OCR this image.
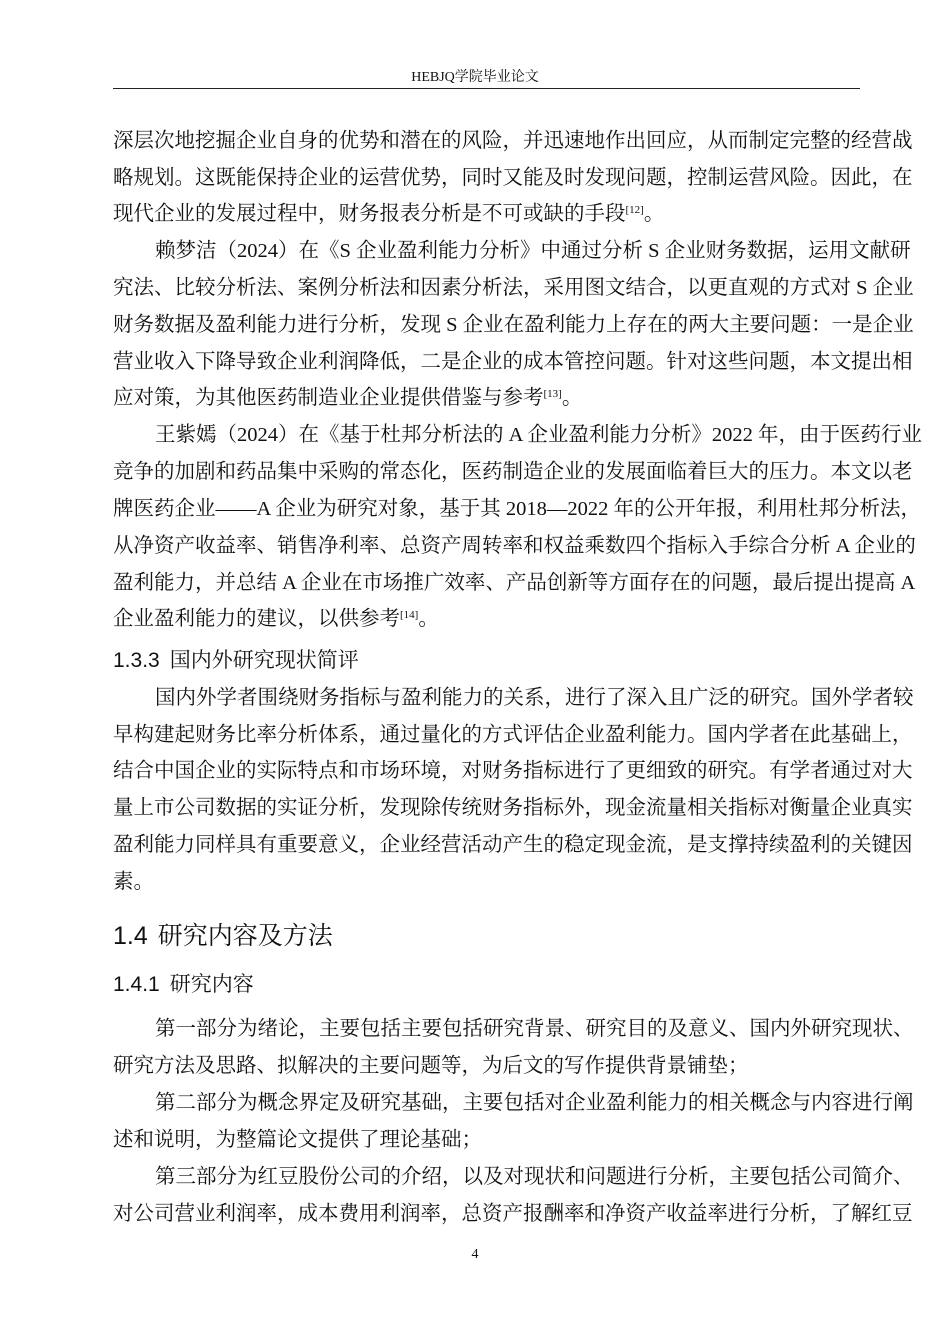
HEBJQ学院毕业论文
深层次地挖掘企业自身的优势和潜在的风险，并迅速地作出回应，从而制定完整的经营战
略规划。这既能保持企业的运营优势，同时又能及时发现问题，控制运营风险。因此，在
现代企业的发展过程中，财务报表分析是不可或缺的手段[12]。
赖梦洁（2024）在《S 企业盈利能力分析》中通过分析 S 企业财务数据，运用文献研
究法、比较分析法、案例分析法和因素分析法，采用图文结合，以更直观的方式对 S 企业
财务数据及盈利能力进行分析，发现 S 企业在盈利能力上存在的两大主要问题：一是企业
营业收入下降导致企业利润降低，二是企业的成本管控问题。针对这些问题，本文提出相
应对策，为其他医药制造业企业提供借鉴与参考[13]。
王紫嫣（2024）在《基于杜邦分析法的 A 企业盈利能力分析》2022 年，由于医药行业
竞争的加剧和药品集中采购的常态化，医药制造企业的发展面临着巨大的压力。本文以老
牌医药企业——A 企业为研究对象，基于其 2018—2022 年的公开年报，利用杜邦分析法，
从净资产收益率、销售净利率、总资产周转率和权益乘数四个指标入手综合分析 A 企业的
盈利能力，并总结 A 企业在市场推广效率、产品创新等方面存在的问题，最后提出提高 A
企业盈利能力的建议，以供参考[14]。
1.3.3 国内外研究现状简评
国内外学者围绕财务指标与盈利能力的关系，进行了深入且广泛的研究。国外学者较
早构建起财务比率分析体系，通过量化的方式评估企业盈利能力。国内学者在此基础上，
结合中国企业的实际特点和市场环境，对财务指标进行了更细致的研究。有学者通过对大
量上市公司数据的实证分析，发现除传统财务指标外，现金流量相关指标对衡量企业真实
盈利能力同样具有重要意义，企业经营活动产生的稳定现金流，是支撑持续盈利的关键因
素。
1.4 研究内容及方法
1.4.1 研究内容
第一部分为绪论，主要包括主要包括研究背景、研究目的及意义、国内外研究现状、
研究方法及思路、拟解决的主要问题等，为后文的写作提供背景铺垫；
第二部分为概念界定及研究基础，主要包括对企业盈利能力的相关概念与内容进行阐
述和说明，为整篇论文提供了理论基础；
第三部分为红豆股份公司的介绍，以及对现状和问题进行分析，主要包括公司简介、
对公司营业利润率，成本费用利润率，总资产报酬率和净资产收益率进行分析，了解红豆
4
